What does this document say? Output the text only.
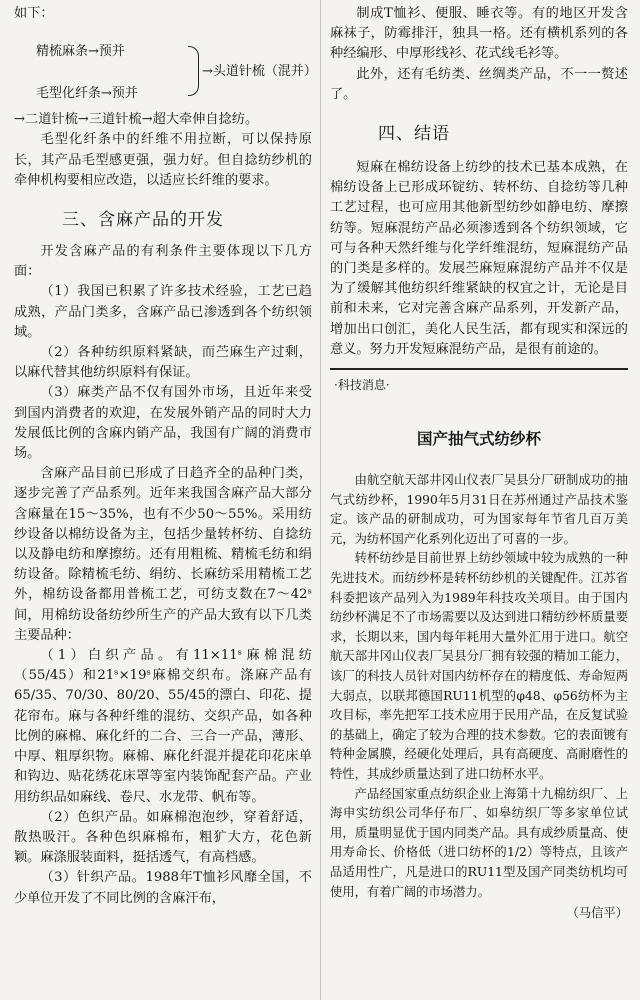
如下：

精梳麻条→预并
毛型化纤条→预并
→头道针梳（混并）

→二道针梳→三道针梳→超大牵伸自捻纺。

毛型化纤条中的纤维不用拉断，可以保持原长，其产品毛型感更强，强力好。但自捻纺纱机的牵伸机构要相应改造，以适应长纤维的要求。

三、含麻产品的开发

开发含麻产品的有利条件主要体现以下几方面：

（1）我国已积累了许多技术经验，工艺已趋成熟，产品门类多，含麻产品已渗透到各个纺织领域。

（2）各种纺织原料紧缺，而苎麻生产过剩，以麻代替其他纺织原料有保证。

（3）麻类产品不仅有国外市场，且近年来受到国内消费者的欢迎，在发展外销产品的同时大力发展低比例的含麻内销产品，我国有广阔的消费市场。

含麻产品目前已形成了日趋齐全的品种门类，逐步完善了产品系列。近年来我国含麻产品大部分含麻量在15～35%，也有不少50～55%。采用纺纱设备以棉纺设备为主，包括少量转杯纺、自捻纺以及静电纺和摩擦纺。还有用粗梳、精梳毛纺和绢纺设备。除精梳毛纺、绢纺、长麻纺采用精梳工艺外，棉纺设备都用普梳工艺，可纺支数在7～42ˢ间，用棉纺设备纺纱所生产的产品大致有以下几类主要品种：

（1）白织产品。有11×11ˢ麻棉混纺（55/45）和21ˢ×19ˢ麻棉交织布。涤麻产品有65/35、70/30、80/20、55/45的漂白、印花、提花帘布。麻与各种纤维的混纺、交织产品，如各种比例的麻棉、麻化纤的二合、三合一产品，薄形、中厚、粗厚织物。麻棉、麻化纤混并提花印花床单和钩边、贴花绣花床罩等室内装饰配套产品。产业用纺织品如麻线、卷尺、水龙带、帆布等。

（2）色织产品。如麻棉泡泡纱，穿着舒适，散热吸汗。各种色织麻棉布，粗犷大方，花色新颖。麻涤服装面料，挺括透气，有高档感。

（3）针织产品。1988年T恤衫风靡全国，不少单位开发了不同比例的含麻汗布，

制成T恤衫、便服、睡衣等。有的地区开发含麻袜子，防霉排汗，独具一格。还有横机系列的各种经编形、中厚形线衫、花式线毛衫等。

此外，还有毛纺类、丝绸类产品，不一一赘述了。

四、结语

短麻在棉纺设备上纺纱的技术已基本成熟，在棉纺设备上已形成环锭纺、转杯纺、自捻纺等几种工艺过程，也可应用其他新型纺纱如静电纺、摩擦纺等。短麻混纺产品必须渗透到各个纺织领域，它可与各种天然纤维与化学纤维混纺，短麻混纺产品的门类是多样的。发展苎麻短麻混纺产品并不仅是为了缓解其他纺织纤维紧缺的权宜之计，无论是目前和未来，它对完善含麻产品系列，开发新产品，增加出口创汇，美化人民生活，都有现实和深远的意义。努力开发短麻混纺产品，是很有前途的。

·科技消息·
国产抽气式纺纱杯

由航空航天部井冈山仪表厂吴县分厂研制成功的抽气式纺纱杯，1990年5月31日在苏州通过产品技术鉴定。该产品的研制成功，可为国家每年节省几百万美元，为纺杯国产化系列化迈出了可喜的一步。

转杯纺纱是目前世界上纺纱领域中较为成熟的一种先进技术。而纺纱杯是转杯纺纱机的关键配件。江苏省科委把该产品列入为1989年科技攻关项目。由于国内纺纱杯满足不了市场需要以及达到进口精纺纱杯质量要求，长期以来，国内每年耗用大量外汇用于进口。航空航天部井冈山仪表厂吴县分厂拥有较强的精加工能力，该厂的科技人员针对国内纺杯存在的精度低、寿命短两大弱点，以联邦德国RU11机型的φ48、φ56纺杯为主攻目标，率先把军工技术应用于民用产品，在反复试验的基础上，确定了较为合理的技术参数。它的表面镀有特种金属膜，经硬化处理后，具有高硬度、高耐磨性的特性，其成纱质量达到了进口纺杯水平。

产品经国家重点纺织企业上海第十九棉纺织厂、上海申实纺织公司华仔布厂、如皋纺织厂等多家单位试用，质量明显优于国内同类产品。具有成纱质量高、使用寿命长、价格低（进口纺杯的1/2）等特点，且该产品适用性广，凡是进口的RU11型及国产同类纺机均可使用，有着广阔的市场潜力。

（马信平）
